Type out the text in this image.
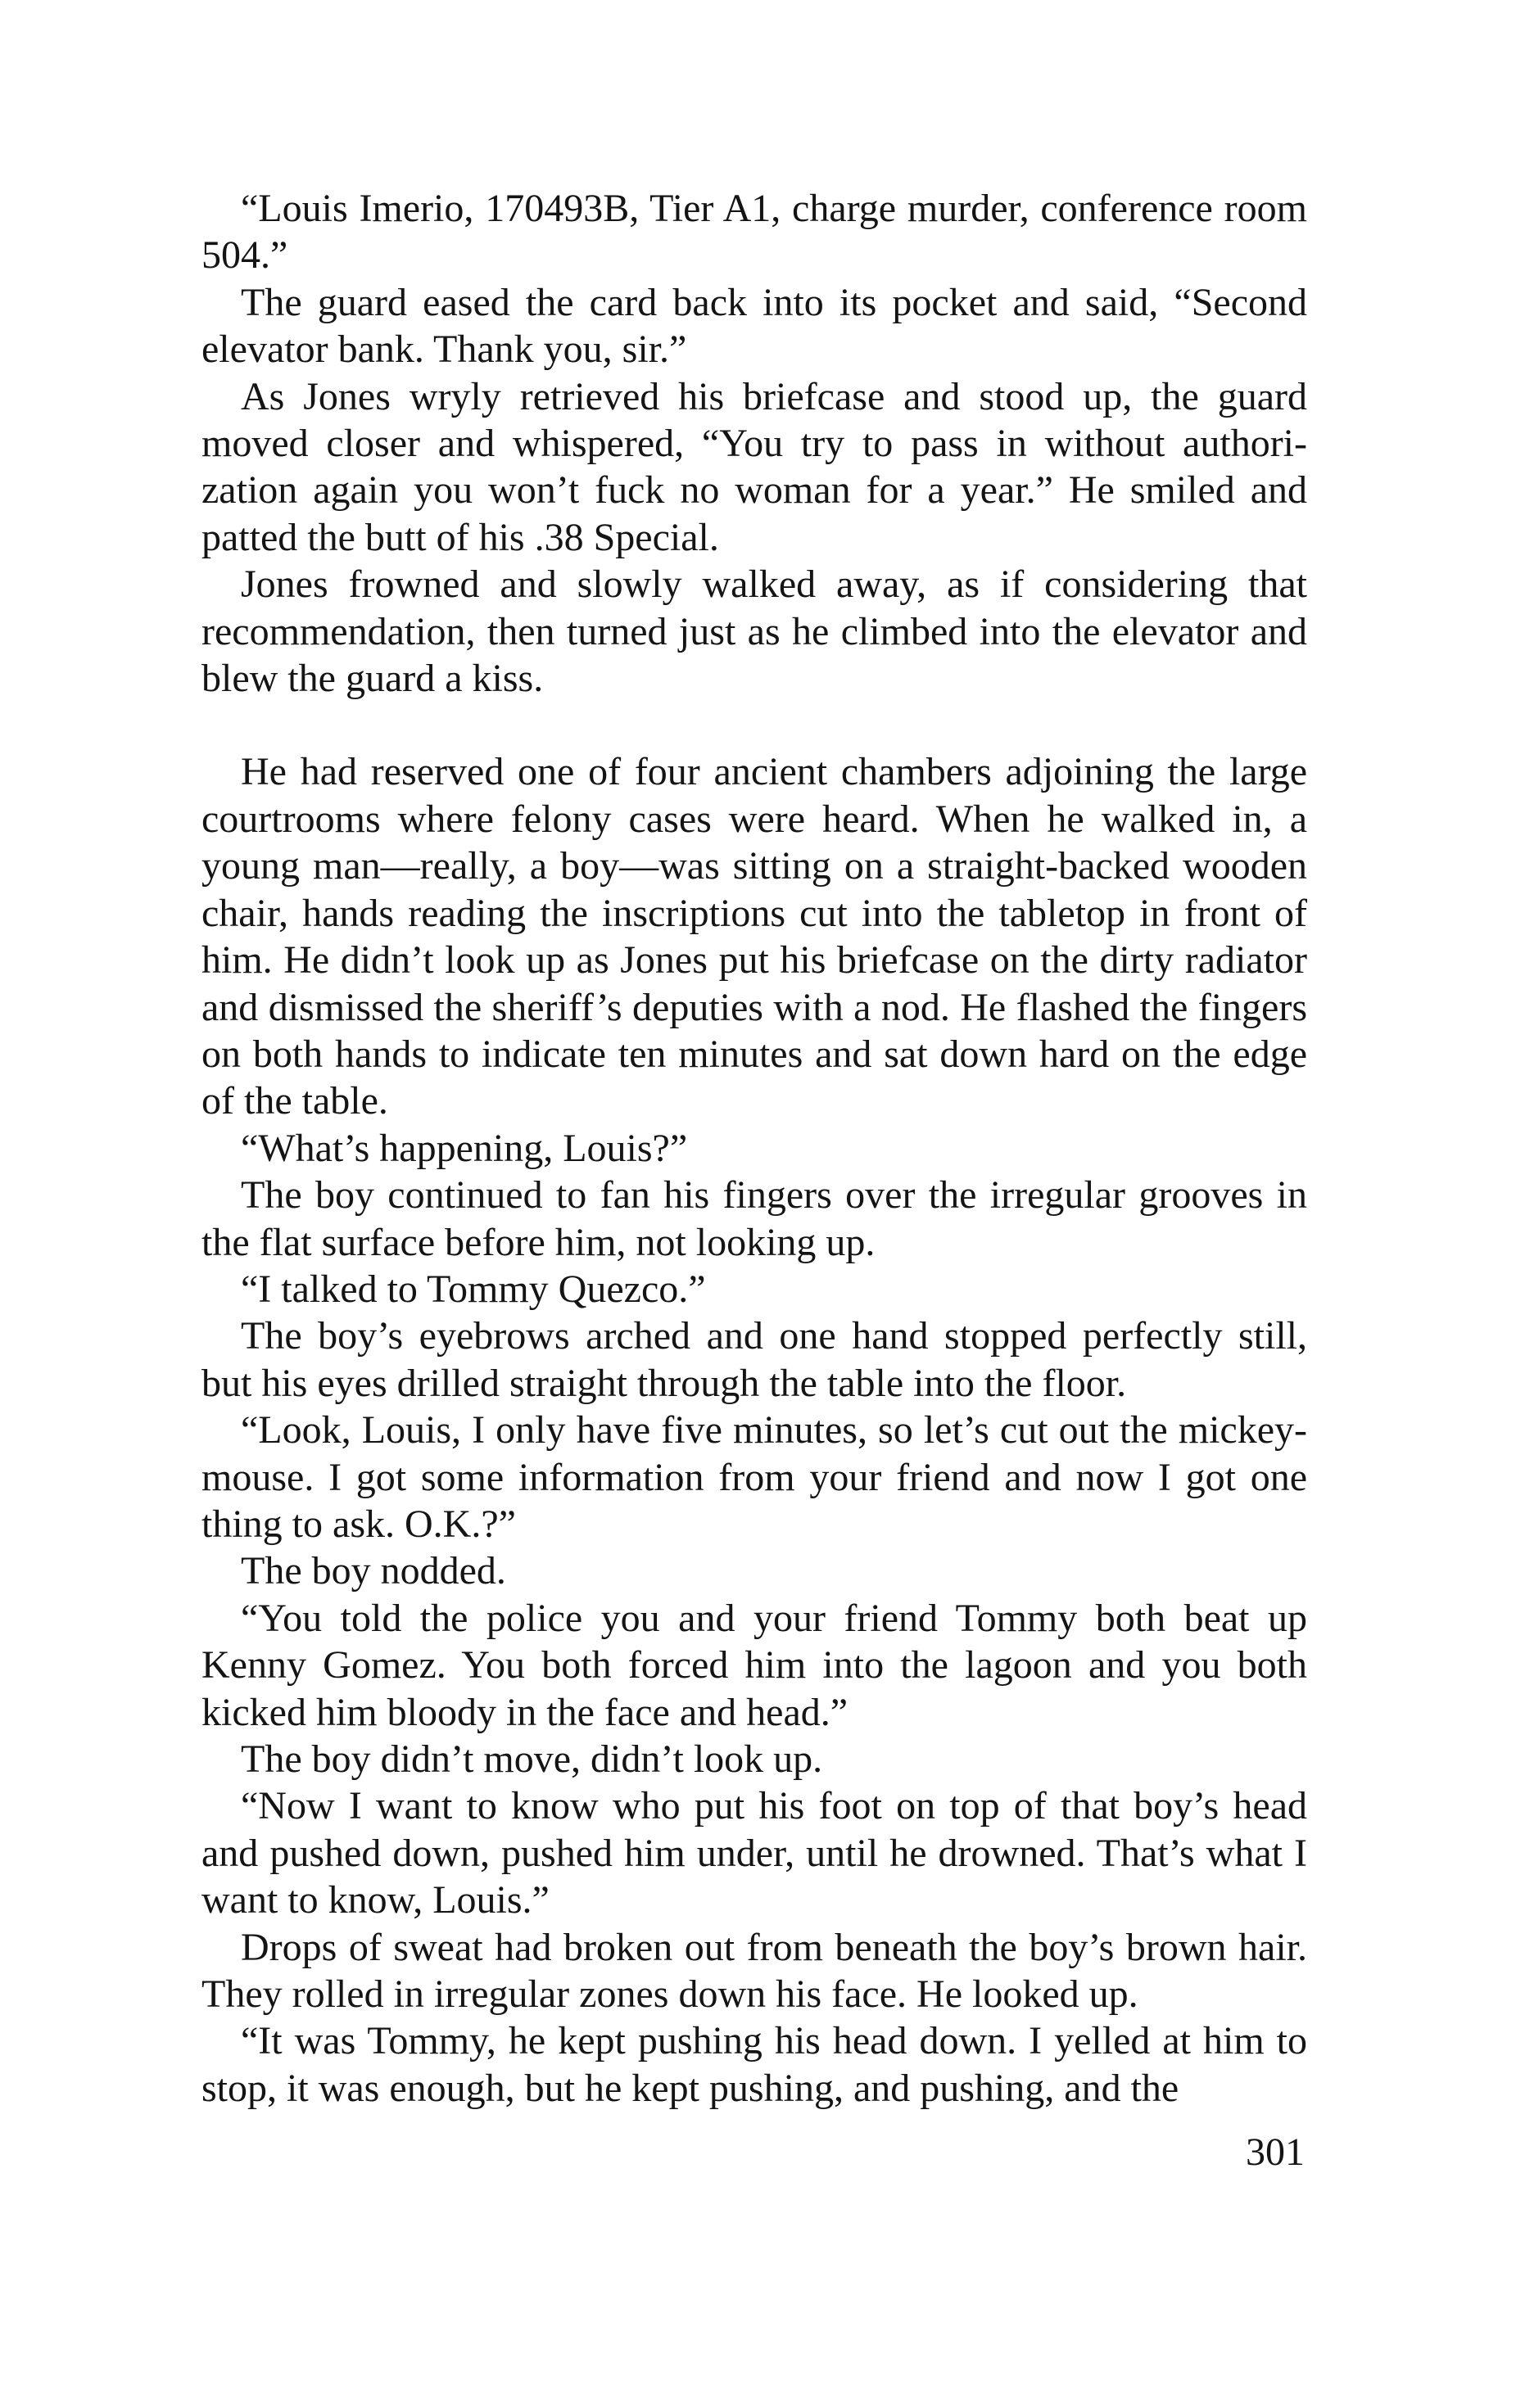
“Louis Imerio, 170493B, Tier A1, charge murder, conference room 504.”

The guard eased the card back into its pocket and said, “Second elevator bank. Thank you, sir.”

As Jones wryly retrieved his briefcase and stood up, the guard moved closer and whispered, “You try to pass in without authorization again you won’t fuck no woman for a year.” He smiled and patted the butt of his .38 Special.

Jones frowned and slowly walked away, as if considering that recommendation, then turned just as he climbed into the elevator and blew the guard a kiss.

He had reserved one of four ancient chambers adjoining the large courtrooms where felony cases were heard. When he walked in, a young man—really, a boy—was sitting on a straight-backed wooden chair, hands reading the inscriptions cut into the tabletop in front of him. He didn’t look up as Jones put his briefcase on the dirty radiator and dismissed the sheriff’s deputies with a nod. He flashed the fingers on both hands to indicate ten minutes and sat down hard on the edge of the table.

“What’s happening, Louis?”

The boy continued to fan his fingers over the irregular grooves in the flat surface before him, not looking up.

“I talked to Tommy Quezco.”

The boy’s eyebrows arched and one hand stopped perfectly still, but his eyes drilled straight through the table into the floor.

“Look, Louis, I only have five minutes, so let’s cut out the mickey-mouse. I got some information from your friend and now I got one thing to ask. O.K.?”

The boy nodded.

“You told the police you and your friend Tommy both beat up Kenny Gomez. You both forced him into the lagoon and you both kicked him bloody in the face and head.”

The boy didn’t move, didn’t look up.

“Now I want to know who put his foot on top of that boy’s head and pushed down, pushed him under, until he drowned. That’s what I want to know, Louis.”

Drops of sweat had broken out from beneath the boy’s brown hair. They rolled in irregular zones down his face. He looked up.

“It was Tommy, he kept pushing his head down. I yelled at him to stop, it was enough, but he kept pushing, and pushing, and the

301
